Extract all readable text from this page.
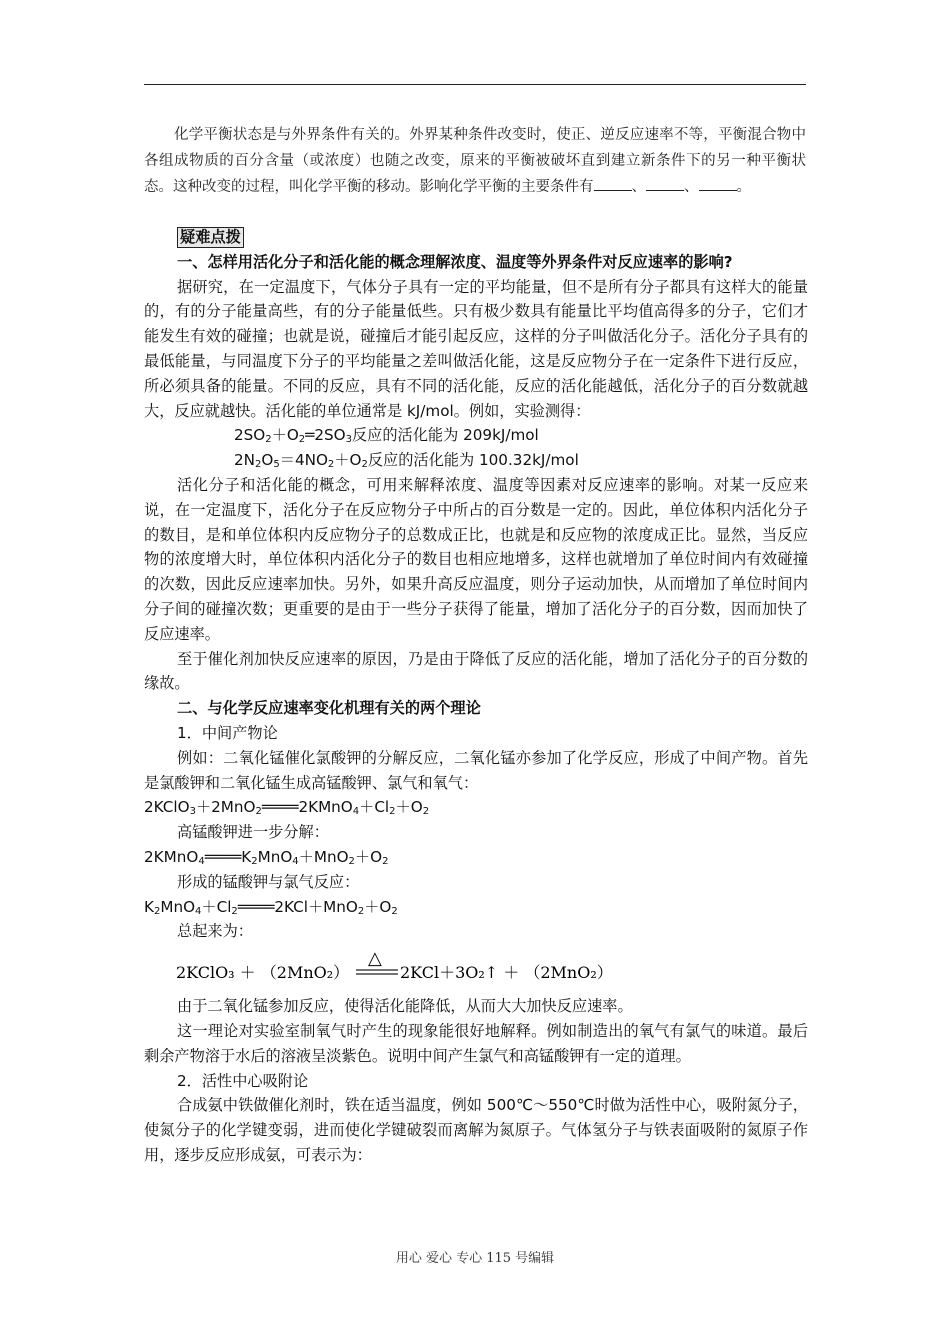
化学平衡状态是与外界条件有关的。外界某种条件改变时，使正、逆反应速率不等，平衡混合物中各组成物质的百分含量（或浓度）也随之改变，原来的平衡被破坏直到建立新条件下的另一种平衡状态。这种改变的过程，叫化学平衡的移动。影响化学平衡的主要条件有	、	、	。

疑难点拨

一、怎样用活化分子和活化能的概念理解浓度、温度等外界条件对反应速率的影响?

据研究，在一定温度下，气体分子具有一定的平均能量，但不是所有分子都具有这样大的能量的，有的分子能量高些，有的分子能量低些。只有极少数具有能量比平均值高得多的分子，它们才能发生有效的碰撞；也就是说，碰撞后才能引起反应，这样的分子叫做活化分子。活化分子具有的最低能量，与同温度下分子的平均能量之差叫做活化能，这是反应物分子在一定条件下进行反应，所必须具备的能量。不同的反应，具有不同的活化能，反应的活化能越低，活化分子的百分数就越大，反应就越快。活化能的单位通常是 kJ/mol。例如，实验测得：

$2SO_2+O_2═2SO_3$反应的活化能为 209kJ/mol

$2N_2O_5=4NO_2+O_2$反应的活化能为 100.32kJ/mol

活化分子和活化能的概念，可用来解释浓度、温度等因素对反应速率的影响。对某一反应来说，在一定温度下，活化分子在反应物分子中所占的百分数是一定的。因此，单位体积内活化分子的数目，是和单位体积内反应物分子的总数成正比，也就是和反应物的浓度成正比。显然，当反应物的浓度增大时，单位体积内活化分子的数目也相应地增多，这样也就增加了单位时间内有效碰撞的次数，因此反应速率加快。另外，如果升高反应温度，则分子运动加快，从而增加了单位时间内分子间的碰撞次数；更重要的是由于一些分子获得了能量，增加了活化分子的百分数，因而加快了反应速率。

至于催化剂加快反应速率的原因，乃是由于降低了反应的活化能，增加了活化分子的百分数的缘故。

二、与化学反应速率变化机理有关的两个理论

1．中间产物论

例如：二氧化锰催化氯酸钾的分解反应，二氧化锰亦参加了化学反应，形成了中间产物。首先是氯酸钾和二氧化锰生成高锰酸钾、氯气和氧气：

$2KClO_3+2MnO_2════2KMnO_4+Cl_2+O_2$

高锰酸钾进一步分解：

$2KMnO_4════K_2MnO_4+MnO_2+O_2$

形成的锰酸钾与氯气反应：

$K_2MnO_4+Cl_2════2KCl+MnO_2+O_2$

总起来为：

2KClO₃ ＋ （2MnO₂）
△
2KCl＋3O₂↑ ＋ （2MnO₂）

由于二氧化锰参加反应，使得活化能降低，从而大大加快反应速率。

这一理论对实验室制氧气时产生的现象能很好地解释。例如制造出的氧气有氯气的味道。最后剩余产物溶于水后的溶液呈淡紫色。说明中间产生氯气和高锰酸钾有一定的道理。

2．活性中心吸附论

合成氨中铁做催化剂时，铁在适当温度，例如 500℃～550℃时做为活性中心，吸附氮分子，使氮分子的化学键变弱，进而使化学键破裂而离解为氮原子。气体氢分子与铁表面吸附的氮原子作用，逐步反应形成氨，可表示为：

用心 爱心 专心 115 号编辑
